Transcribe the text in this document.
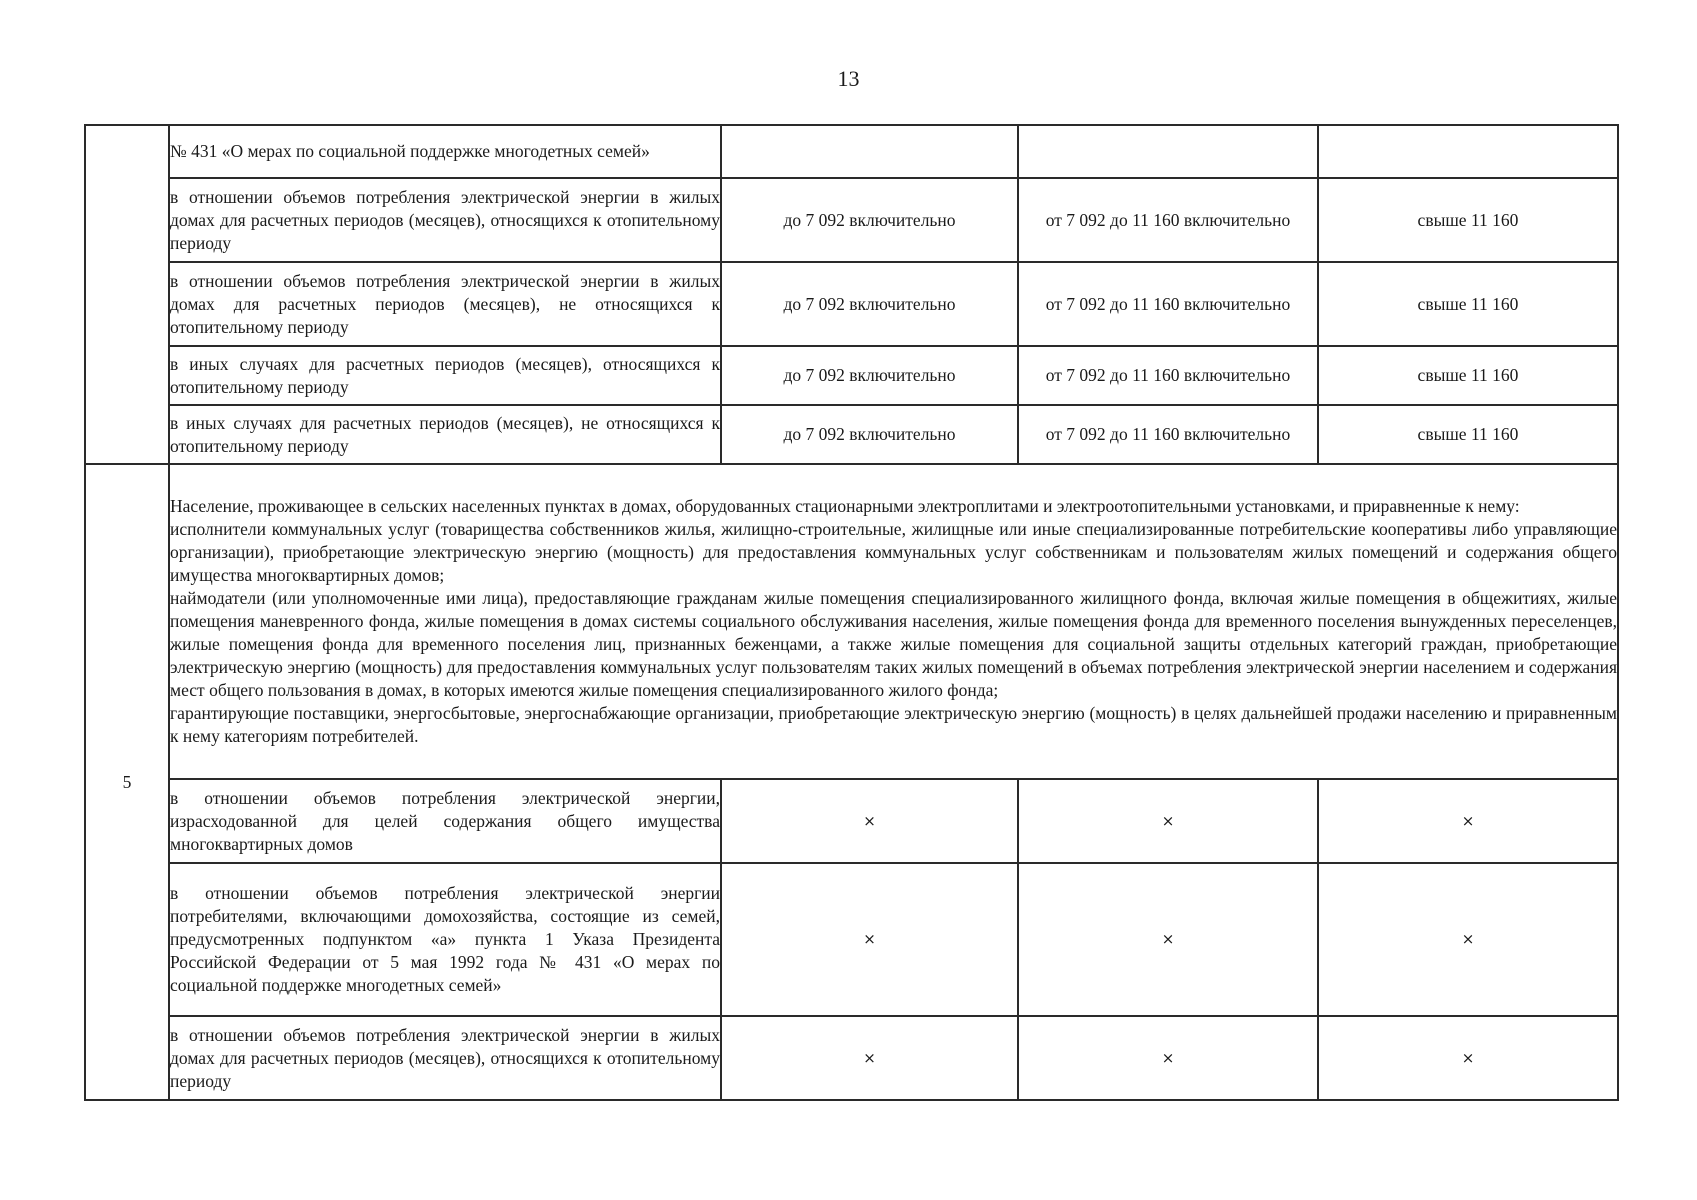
13
	№ 431 «О мерах по социальной поддержке многодетных семей»			
	в отношении объемов потребления электрической энергии в жилых домах для расчетных периодов (месяцев), относящихся к отопительному периоду	до 7 092 включительно	от 7 092 до 11 160 включительно	свыше 11 160
	в отношении объемов потребления электрической энергии в жилых домах для расчетных периодов (месяцев), не относящихся к отопительному периоду	до 7 092 включительно	от 7 092 до 11 160 включительно	свыше 11 160
	в иных случаях для расчетных периодов (месяцев), относящихся к отопительному периоду	до 7 092 включительно	от 7 092 до 11 160 включительно	свыше 11 160
	в иных случаях для расчетных периодов (месяцев), не относящихся к отопительному периоду	до 7 092 включительно	от 7 092 до 11 160 включительно	свыше 11 160
5	Население, проживающее в сельских населенных пунктах в домах, оборудованных стационарными электроплитами и электроотопительными установками, и приравненные к нему:
исполнители коммунальных услуг (товарищества собственников жилья, жилищно-строительные, жилищные или иные специализированные потребительские кооперативы либо управляющие организации), приобретающие электрическую энергию (мощность) для предоставления коммунальных услуг собственникам и пользователям жилых помещений и содержания общего имущества многоквартирных домов;
наймодатели (или уполномоченные ими лица), предоставляющие гражданам жилые помещения специализированного жилищного фонда, включая жилые помещения в общежитиях, жилые помещения маневренного фонда, жилые помещения в домах системы социального обслуживания населения, жилые помещения фонда для временного поселения вынужденных переселенцев, жилые помещения фонда для временного поселения лиц, признанных беженцами, а также жилые помещения для социальной защиты отдельных категорий граждан, приобретающие электрическую энергию (мощность) для предоставления коммунальных услуг пользователям таких жилых помещений в объемах потребления электрической энергии населением и содержания мест общего пользования в домах, в которых имеются жилые помещения специализированного жилого фонда;
гарантирующие поставщики, энергосбытовые, энергоснабжающие организации, приобретающие электрическую энергию (мощность) в целях дальнейшей продажи населению и приравненным к нему категориям потребителей.			

	в отношении объемов потребления электрической энергии, израсходованной для целей содержания общего имущества многоквартирных домов	×	×	×
	в отношении объемов потребления электрической энергии потребителями, включающими домохозяйства, состоящие из семей, предусмотренных подпунктом «а» пункта 1 Указа Президента Российской Федерации от 5 мая 1992 года № 431 «О мерах по социальной поддержке многодетных семей»	×	×	×
	в отношении объемов потребления электрической энергии в жилых домах для расчетных периодов (месяцев), относящихся к отопительному периоду	×	×	×
